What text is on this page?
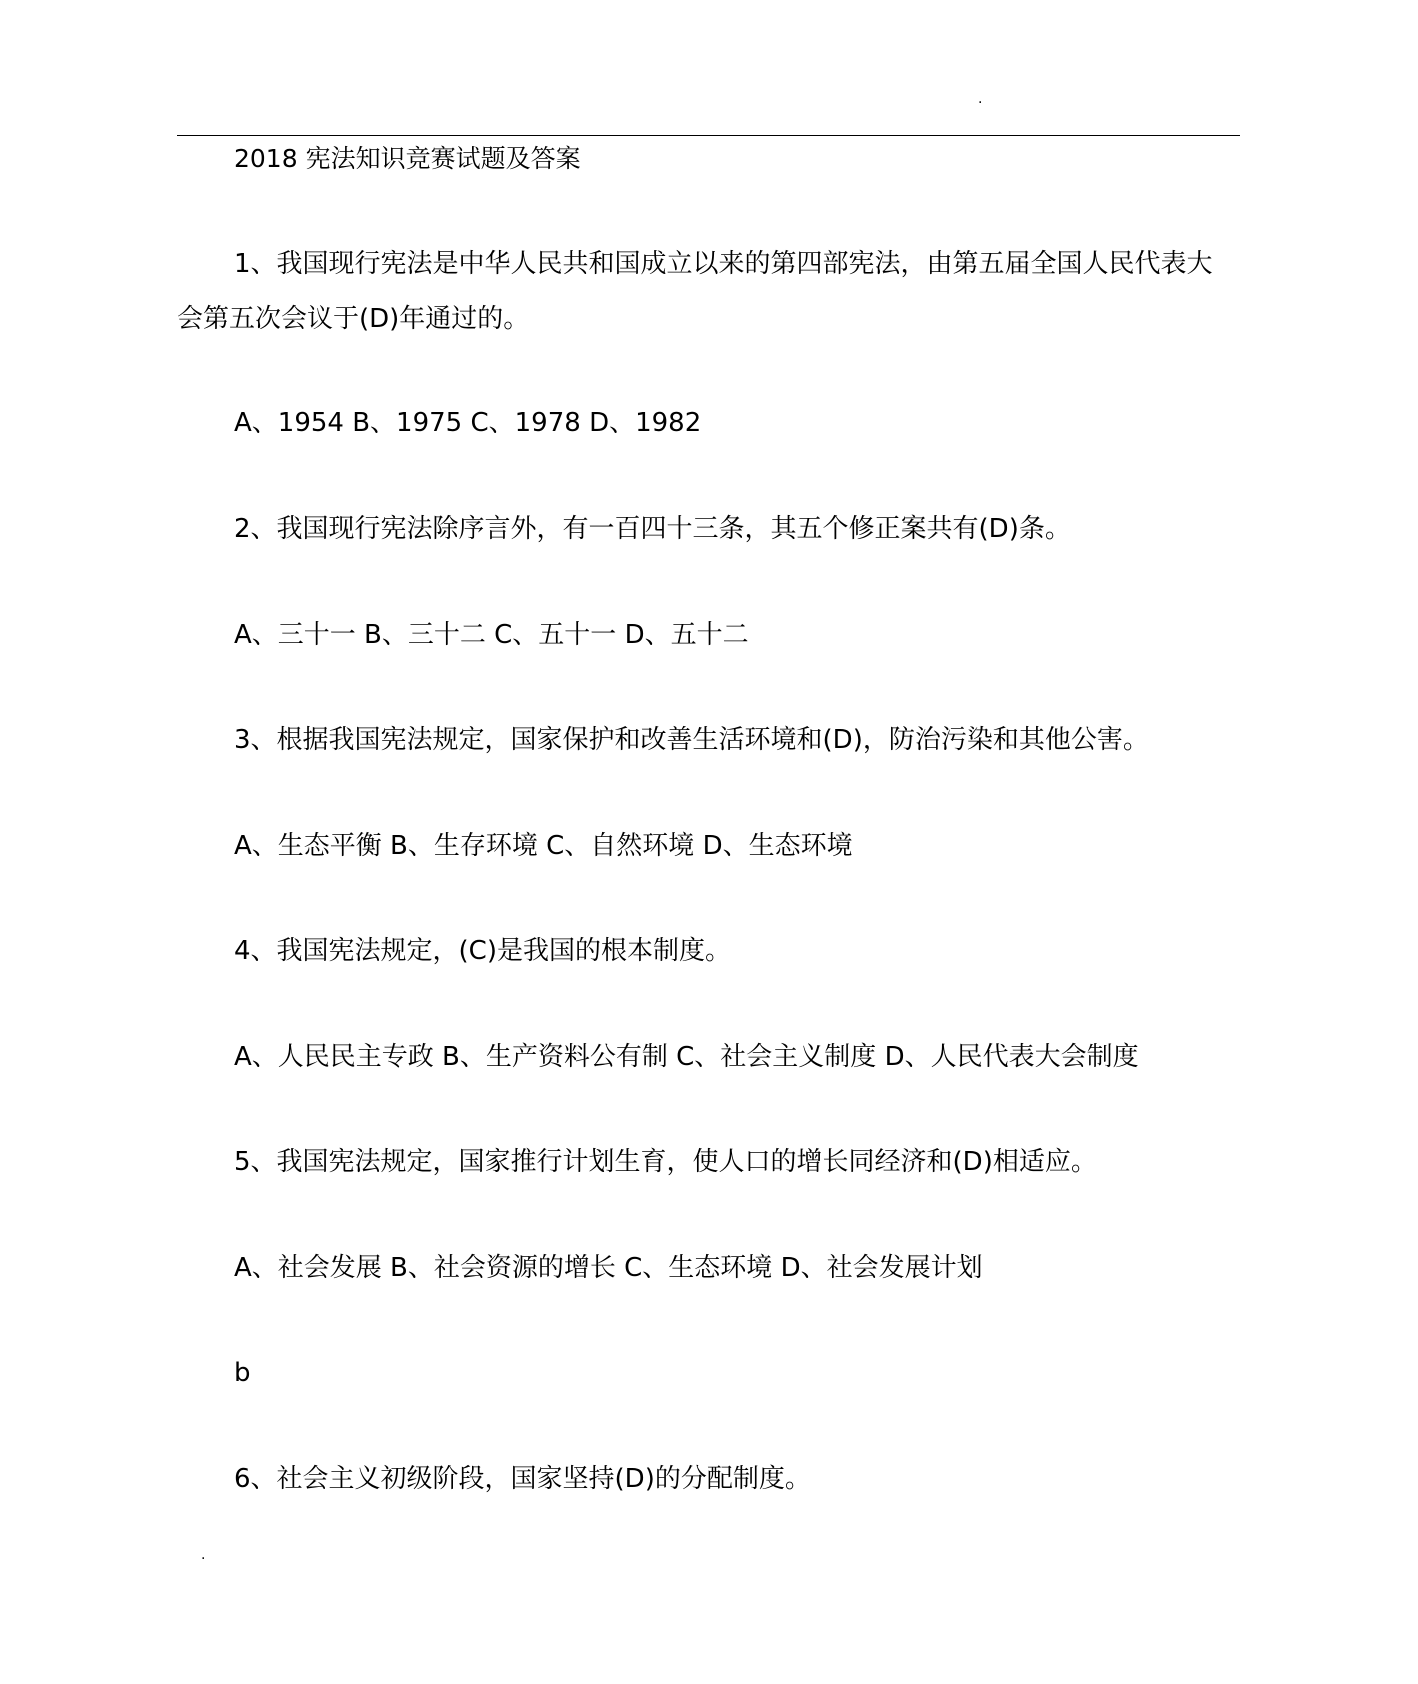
.

2018 宪法知识竞赛试题及答案

1、我国现行宪法是中华人民共和国成立以来的第四部宪法，由第五届全国人民代表大

会第五次会议于(D)年通过的。

A、1954 B、1975 C、1978 D、1982

2、我国现行宪法除序言外，有一百四十三条，其五个修正案共有(D)条。

A、三十一 B、三十二 C、五十一 D、五十二

3、根据我国宪法规定，国家保护和改善生活环境和(D)，防治污染和其他公害。

A、生态平衡 B、生存环境 C、自然环境 D、生态环境

4、我国宪法规定，(C)是我国的根本制度。

A、人民民主专政 B、生产资料公有制 C、社会主义制度 D、人民代表大会制度

5、我国宪法规定，国家推行计划生育，使人口的增长同经济和(D)相适应。

A、社会发展 B、社会资源的增长 C、生态环境 D、社会发展计划

b

6、社会主义初级阶段，国家坚持(D)的分配制度。

.
